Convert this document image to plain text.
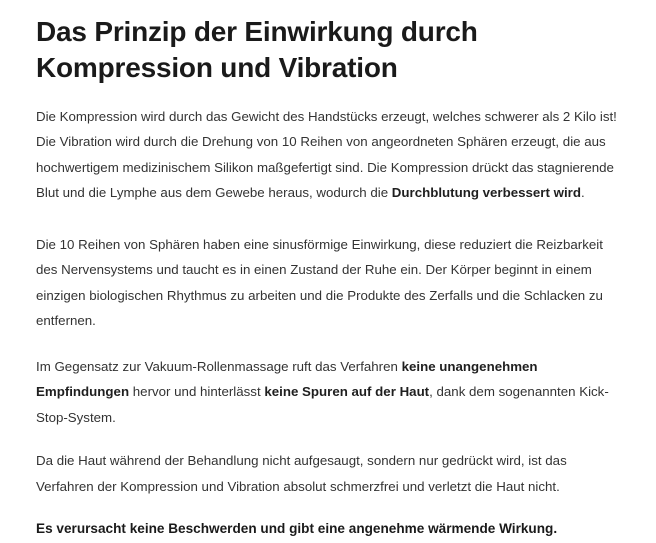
Das Prinzip der Einwirkung durch Kompression und Vibration

Die Kompression wird durch das Gewicht des Handstücks erzeugt, welches schwerer als 2 Kilo ist! Die Vibration wird durch die Drehung von 10 Reihen von angeordneten Sphären erzeugt, die aus hochwertigem medizinischem Silikon maßgefertigt sind. Die Kompression drückt das stagnierende Blut und die Lymphe aus dem Gewebe heraus, wodurch die Durchblutung verbessert wird.

Die 10 Reihen von Sphären haben eine sinusförmige Einwirkung, diese reduziert die Reizbarkeit des Nervensystems und taucht es in einen Zustand der Ruhe ein. Der Körper beginnt in einem einzigen biologischen Rhythmus zu arbeiten und die Produkte des Zerfalls und die Schlacken zu entfernen.

Im Gegensatz zur Vakuum-Rollenmassage ruft das Verfahren keine unangenehmen Empfindungen hervor und hinterlässt keine Spuren auf der Haut, dank dem sogenannten Kick-Stop-System.

Da die Haut während der Behandlung nicht aufgesaugt, sondern nur gedrückt wird, ist das Verfahren der Kompression und Vibration absolut schmerzfrei und verletzt die Haut nicht.

Es verursacht keine Beschwerden und gibt eine angenehme wärmende Wirkung.
